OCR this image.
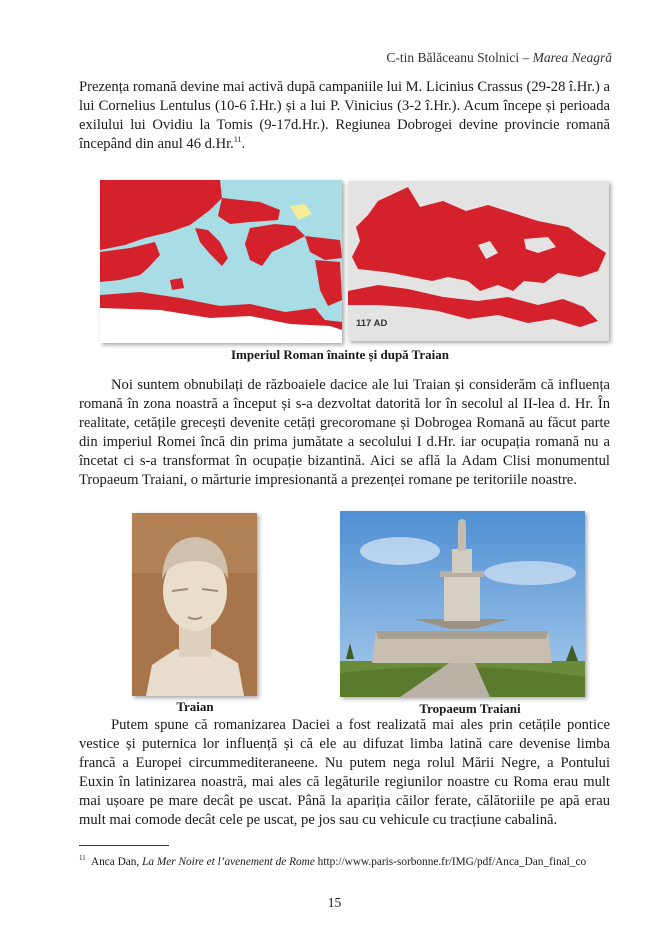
C-tin Bălăceanu Stolnici – Marea Neagră

Prezența romană devine mai activă după campaniile lui M. Licinius Crassus (29-28 î.Hr.) a lui Cornelius Lentulus (10-6 î.Hr.) și a lui P. Vinicius (3-2 î.Hr.). Acum începe și perioada exilului lui Ovidiu la Tomis (9-17d.Hr.). Regiunea Dobrogei devine provincie romană începând din anul 46 d.Hr.$^{11}$.

117 AD
Imperiul Roman înainte și după Traian

Noi suntem obnubilați de războaiele dacice ale lui Traian și considerăm că influența romană în zona noastră a început și s-a dezvoltat datorită lor în secolul al II-lea d. Hr. În realitate, cetățile grecești devenite cetăți grecoromane și Dobrogea Romană au făcut parte din imperiul Romei încă din prima jumătate a secolului I d.Hr. iar ocupația romană nu a încetat ci s-a transformat în ocupație bizantină. Aici se află la Adam Clisi monumentul Tropaeum Traiani, o mărturie impresionantă a prezenței romane pe teritoriile noastre.

Traian	Tropaeum Traiani

Putem spune că romanizarea Daciei a fost realizată mai ales prin cetățile pontice vestice și puternica lor influență și că ele au difuzat limba latină care devenise limba francă a Europei circummediteraneene. Nu putem nega rolul Mării Negre, a Pontului Euxin în latinizarea noastră, mai ales că legăturile regiunilor noastre cu Roma erau mult mai ușoare pe mare decât pe uscat. Până la apariția căilor ferate, călătoriile pe apă erau mult mai comode decât cele pe uscat, pe jos sau cu vehicule cu tracțiune cabalină.

$^{11}$ Anca Dan, La Mer Noire et l’avenement de Rome http://www.paris-sorbonne.fr/IMG/pdf/Anca_Dan_final_co
15
